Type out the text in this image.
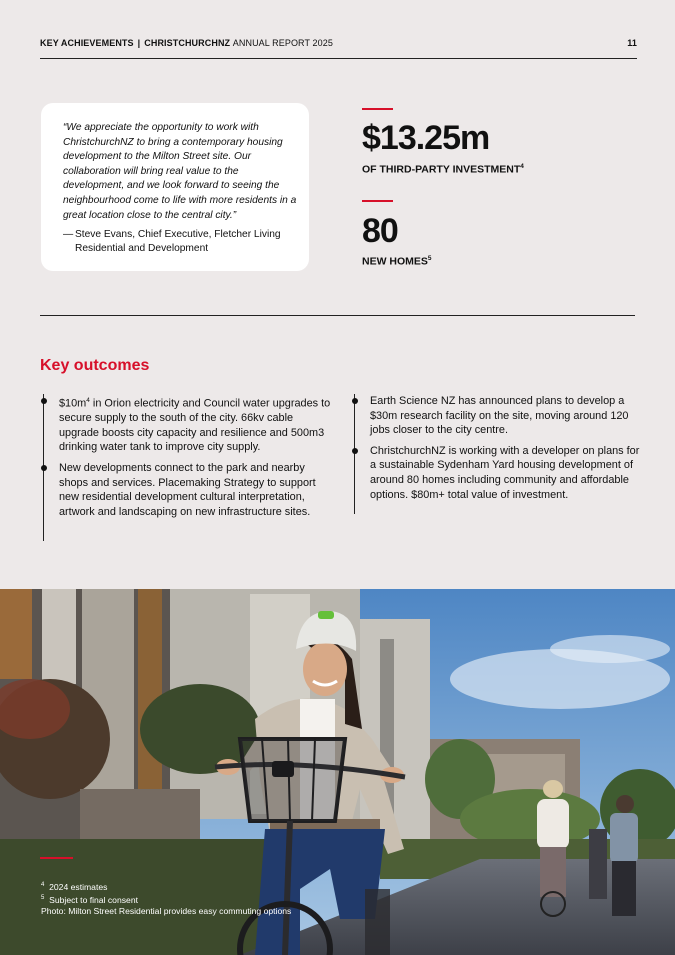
KEY ACHIEVEMENTS | CHRISTCHURCHNZ ANNUAL REPORT 2025	11
“We appreciate the opportunity to work with ChristchurchNZ to bring a contemporary housing development to the Milton Street site. Our collaboration will bring real value to the development, and we look forward to seeing the neighbourhood come to life with more residents in a great location close to the central city.”
— Steve Evans, Chief Executive, Fletcher Living
Residential and Development
$13.25m
OF THIRD-PARTY INVESTMENT$^4$
80
NEW HOMES$^5$
Key outcomes
$\$10m^4$ in Orion electricity and Council water upgrades to secure supply to the south of the city. 66kv cable upgrade boosts city capacity and resilience and 500m3 drinking water tank to improve city supply.
New developments connect to the park and nearby shops and services. Placemaking Strategy to support new residential development cultural interpretation, artwork and landscaping on new infrastructure sites.
Earth Science NZ has announced plans to develop a $30m research facility on the site, moving around 120 jobs closer to the city centre.
ChristchurchNZ is working with a developer on plans for a sustainable Sydenham Yard housing development of around 80 homes including community and affordable options. $80m+ total value of investment.
$^4$ 2024 estimates
$^5$ Subject to final consent
Photo: Milton Street Residential provides easy commuting options
